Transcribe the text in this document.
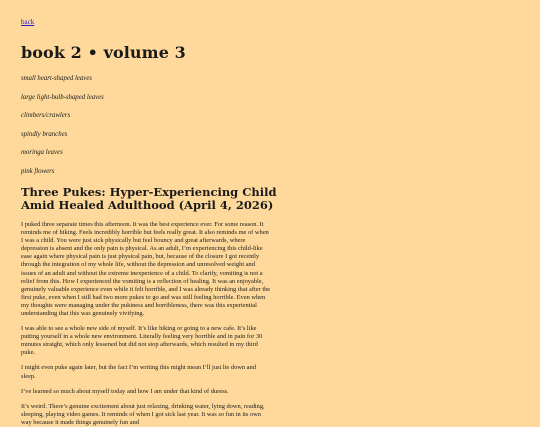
back
book 2 • volume 3

small heart-shaped leaves

large light-bulb-shaped leaves

climbers/crawlers

spindly branches

moringa leaves

pink flowers

Three Pukes: Hyper-Experiencing Child Amid Healed Adulthood (April 4, 2026)

I puked three separate times this afternoon. It was the best experience ever. For some reason. It reminds me of hiking. Feels incredibly horrible but feels really great. It also reminds me of when I was a child. You were just sick physically but feel bouncy and great afterwards, where depression is absent and the only pain is physical. As an adult, I’m experiencing this child-like ease again where physical pain is just physical pain, but, because of the closure I got recently through the integration of my whole life, without the depression and unresolved weight and issues of an adult and without the extreme inexperience of a child. To clarify, vomiting is not a relief from this. How I experienced the vomiting is a reflection of healing. It was an enjoyable, genuinely valuable experience even while it felt horrible, and I was already thinking that after the first puke, even when I still had two more pukes to go and was still feeling horrible. Even when my thoughts were managing under the pukiness and horribleness, there was this experiential understanding that this was genuinely vivifying.

I was able to see a whole new side of myself. It’s like hiking or going to a new cafe. It’s like putting yourself in a whole new environment. Literally feeling very horrible and in pain for 30 minutes straight, which only lessened but did not stop afterwards, which resulted in my third puke.

I might even puke again later, but the fact I’m writing this might mean I’ll just lie down and sleep.

I’ve learned so much about myself today and how I am under that kind of duress.

It’s weird. There’s genuine excitement about just relaxing, drinking water, lying down, reading, sleeping, playing video games. It reminds of when I got sick last year. It was so fun in its own way because it made things genuinely fun and
